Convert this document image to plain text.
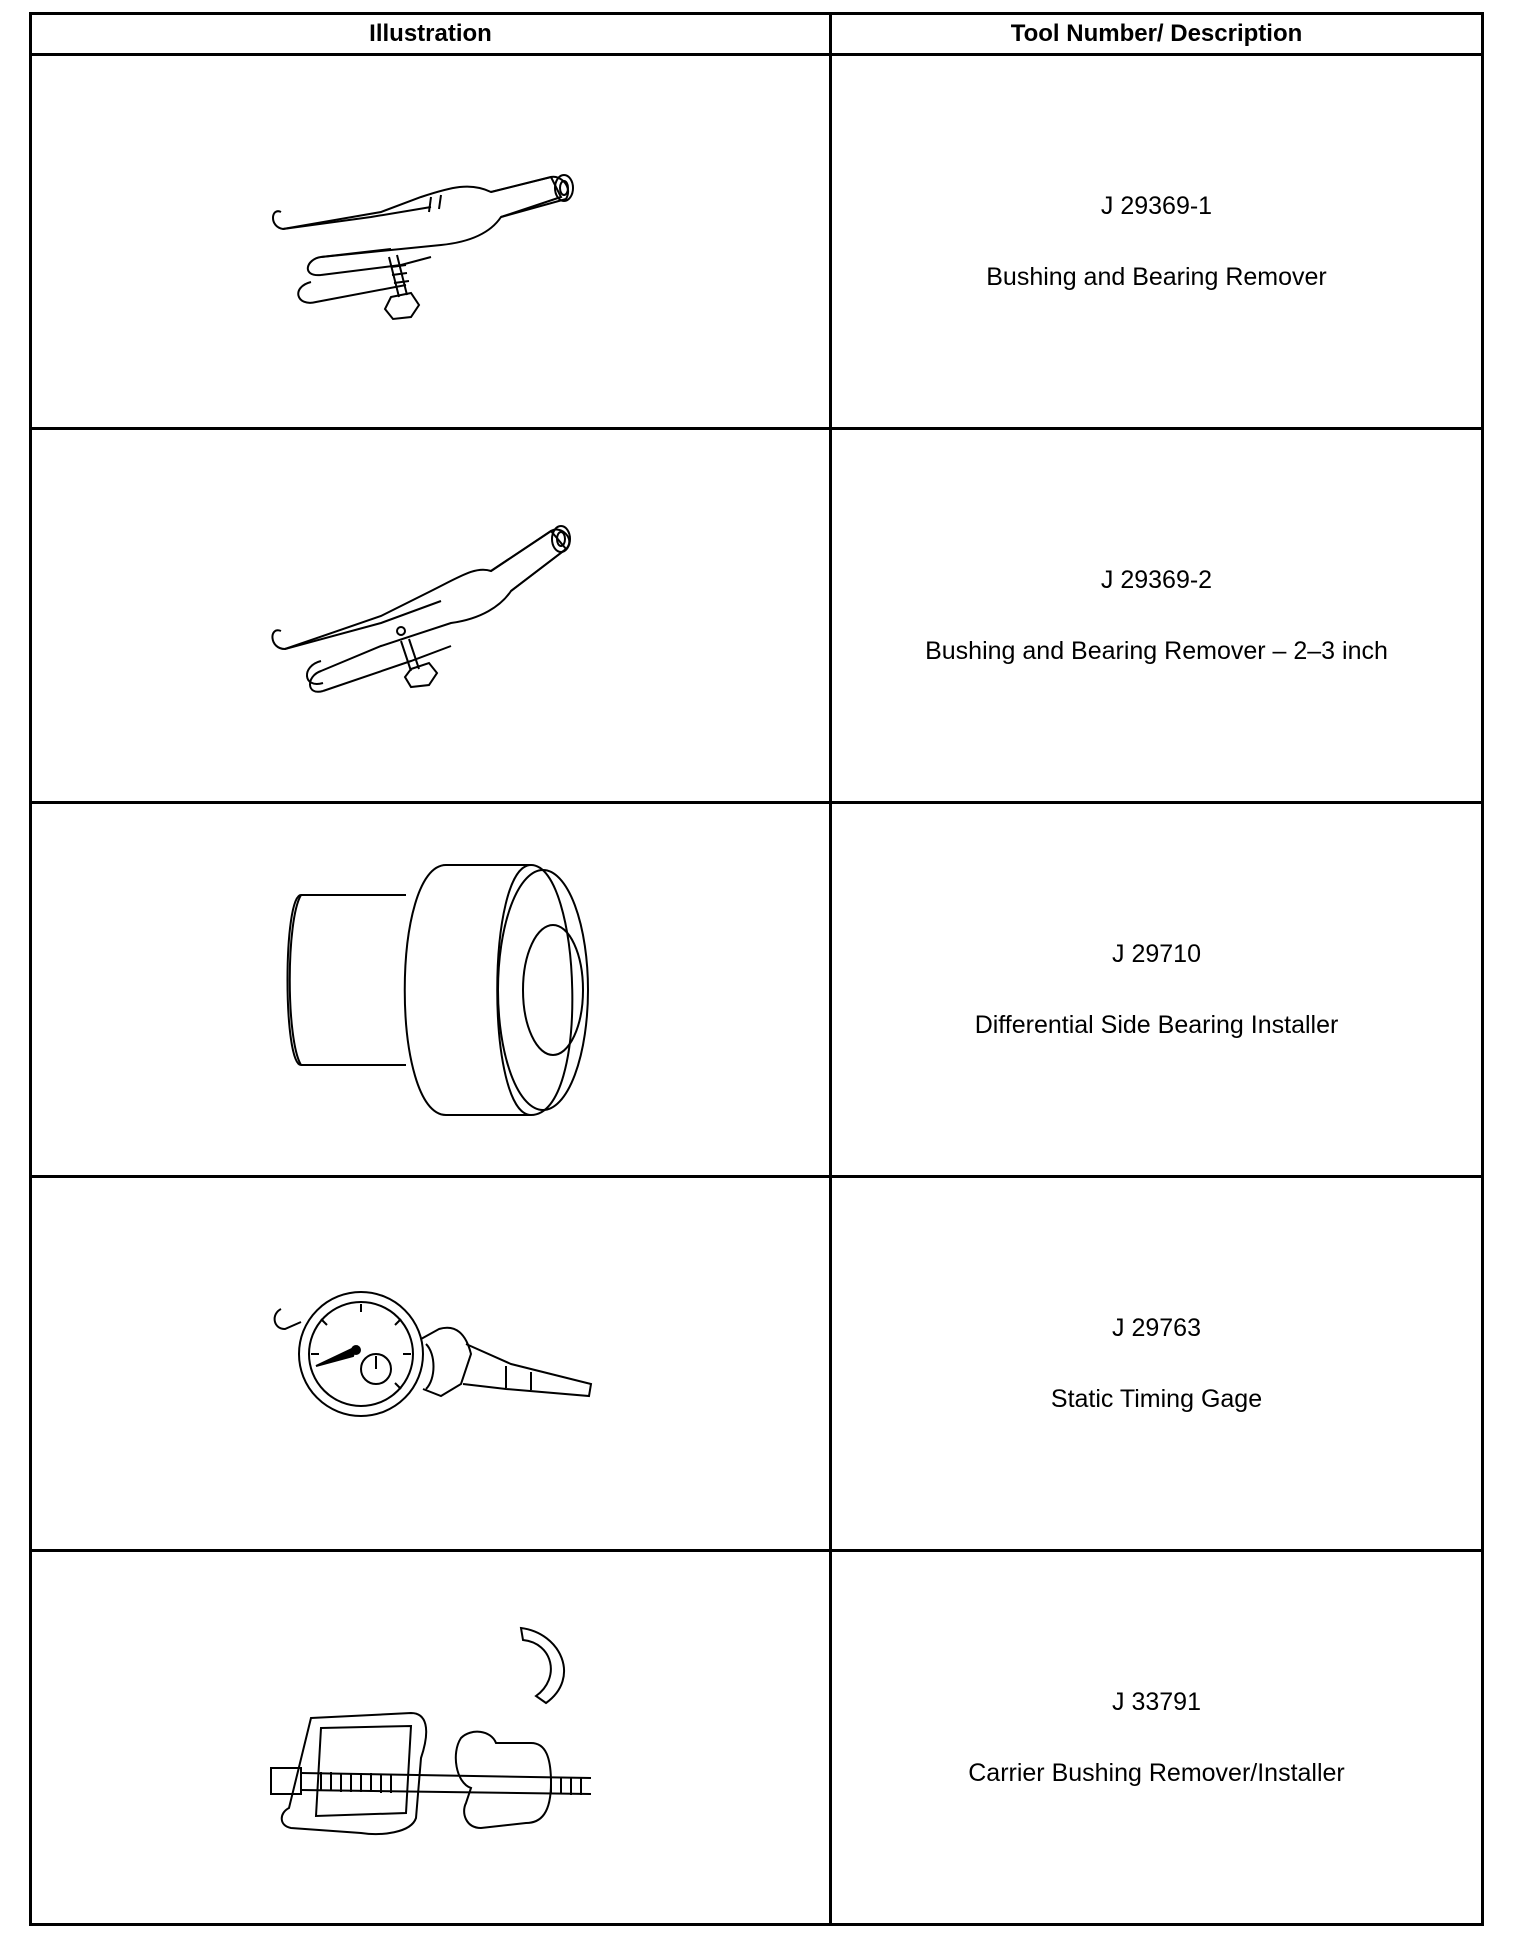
Illustration	Tool Number/ Description

J 29369-1
Bushing and Bearing Remover

J 29369-2
Bushing and Bearing Remover – 2–3 inch

J 29710
Differential Side Bearing Installer

J 29763
Static Timing Gage

J 33791
Carrier Bushing Remover/Installer
